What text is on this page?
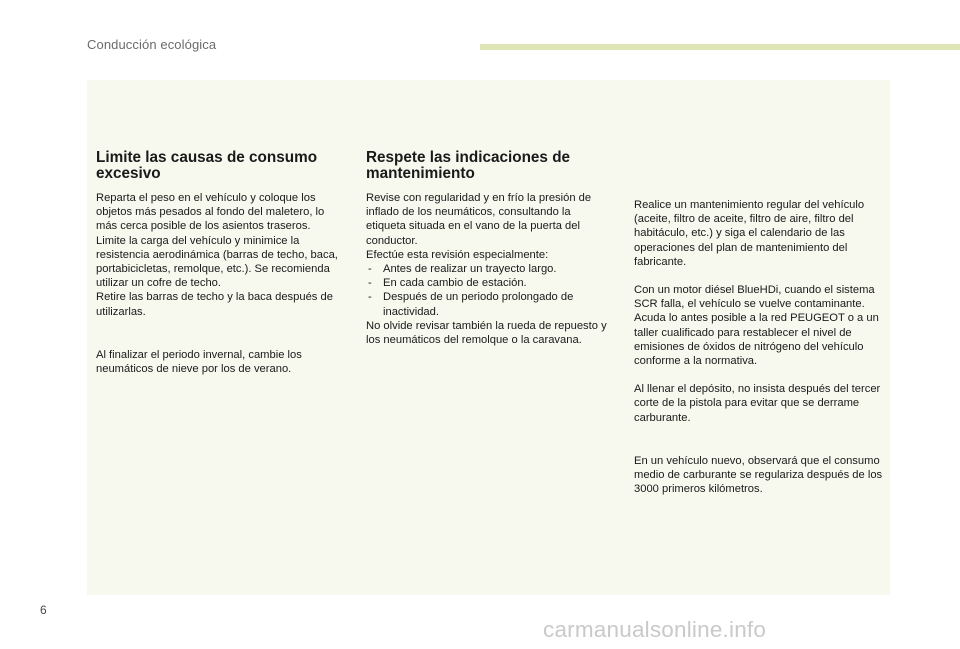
Conducción ecológica
Limite las causas de consumo excesivo

Reparta el peso en el vehículo y coloque los objetos más pesados al fondo del maletero, lo más cerca posible de los asientos traseros.

Limite la carga del vehículo y minimice la resistencia aerodinámica (barras de techo, baca, portabicicletas, remolque, etc.). Se recomienda utilizar un cofre de techo.

Retire las barras de techo y la baca después de utilizarlas.

Al finalizar el periodo invernal, cambie los neumáticos de nieve por los de verano.

Respete las indicaciones de mantenimiento

Revise con regularidad y en frío la presión de inflado de los neumáticos, consultando la etiqueta situada en el vano de la puerta del conductor.

Efectúe esta revisión especialmente:

- Antes de realizar un trayecto largo.
- En cada cambio de estación.
- Después de un periodo prolongado de inactividad.

No olvide revisar también la rueda de repuesto y los neumáticos del remolque o la caravana.

Realice un mantenimiento regular del vehículo (aceite, filtro de aceite, filtro de aire, filtro del habitáculo, etc.) y siga el calendario de las operaciones del plan de mantenimiento del fabricante.

Con un motor diésel BlueHDi, cuando el sistema SCR falla, el vehículo se vuelve contaminante. Acuda lo antes posible a la red PEUGEOT o a un taller cualificado para restablecer el nivel de emisiones de óxidos de nitrógeno del vehículo conforme a la normativa.

Al llenar el depósito, no insista después del tercer corte de la pistola para evitar que se derrame carburante.

En un vehículo nuevo, observará que el consumo medio de carburante se regulariza después de los 3000 primeros kilómetros.

6
carmanualsonline.info
